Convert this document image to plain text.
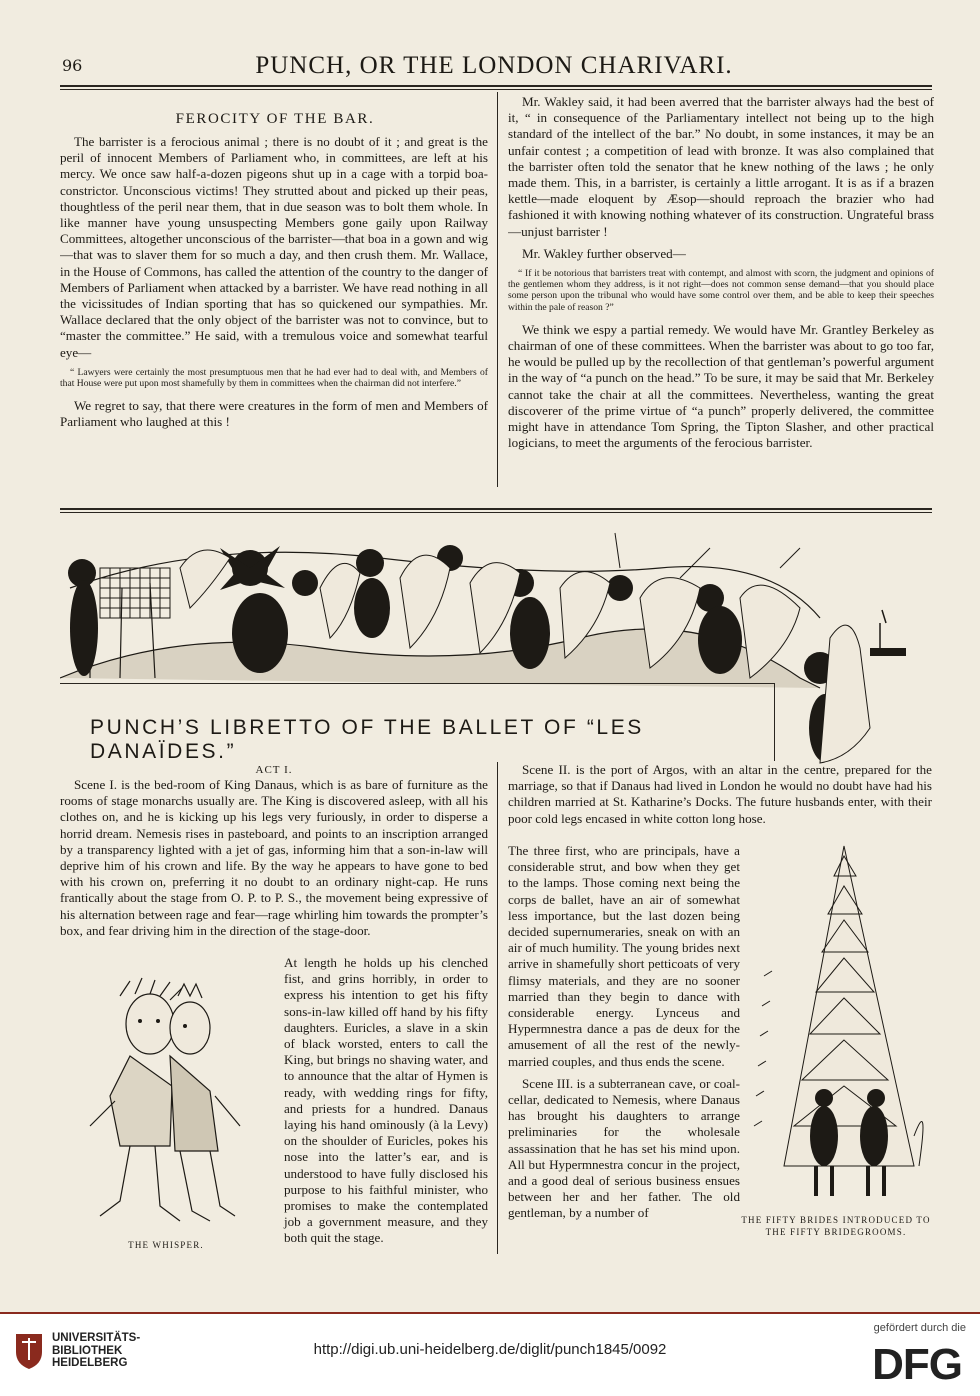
96	PUNCH, OR THE LONDON CHARIVARI.
FEROCITY OF THE BAR.

The barrister is a ferocious animal ; there is no doubt of it ; and great is the peril of innocent Members of Parliament who, in committees, are left at his mercy. We once saw half-a-dozen pigeons shut up in a cage with a torpid boa-constrictor. Unconscious victims! They strutted about and picked up their peas, thoughtless of the peril near them, that in due season was to bolt them whole. In like manner have young unsuspecting Members gone gaily upon Railway Committees, altogether unconscious of the barrister—that boa in a gown and wig—that was to slaver them for so much a day, and then crush them. Mr. Wallace, in the House of Commons, has called the attention of the country to the danger of Members of Parliament when attacked by a barrister. We have read nothing in all the vicissitudes of Indian sporting that has so quickened our sympathies. Mr. Wallace declared that the only object of the barrister was not to convince, but to “master the committee.” He said, with a tremulous voice and somewhat tearful eye—

“ Lawyers were certainly the most presumptuous men that he had ever had to deal with, and Members of that House were put upon most shamefully by them in committees when the chairman did not interfere.”

We regret to say, that there were creatures in the form of men and Members of Parliament who laughed at this !

Mr. Wakley said, it had been averred that the barrister always had the best of it, “ in consequence of the Parliamentary intellect not being up to the high standard of the intellect of the bar.” No doubt, in some instances, it may be an unfair contest ; a competition of lead with bronze. It was also complained that the barrister often told the senator that he knew nothing of the laws ; he only made them. This, in a barrister, is certainly a little arrogant. It is as if a brazen kettle—made eloquent by Æsop—should reproach the brazier who had fashioned it with knowing nothing whatever of its construction. Ungrateful brass—unjust barrister !

Mr. Wakley further observed—

“ If it be notorious that barristers treat with contempt, and almost with scorn, the judgment and opinions of the gentlemen whom they address, is it not right—does not common sense demand—that you should place some person upon the tribunal who would have some control over them, and be able to keep their speeches within the pale of reason ?”

We think we espy a partial remedy. We would have Mr. Grantley Berkeley as chairman of one of these committees. When the barrister was about to go too far, he would be pulled up by the recollection of that gentleman’s powerful argument in the way of “a punch on the head.” To be sure, it may be said that Mr. Berkeley cannot take the chair at all the committees. Nevertheless, wanting the great discoverer of the prime virtue of “a punch” properly delivered, the committee might have in attendance Tom Spring, the Tipton Slasher, and other practical logicians, to meet the arguments of the ferocious barrister.

PUNCH’S LIBRETTO OF THE BALLET OF “LES DANAÏDES.”
ACT I.

Scene I. is the bed-room of King Danaus, which is as bare of furniture as the rooms of stage monarchs usually are. The King is discovered asleep, with all his clothes on, and he is kicking up his legs very furiously, in order to disperse a horrid dream. Nemesis rises in pasteboard, and points to an inscription arranged by a transparency lighted with a jet of gas, informing him that a son-in-law will deprive him of his crown and life. By the way he appears to have gone to bed with his crown on, preferring it no doubt to an ordinary night-cap. He runs frantically about the stage from O. P. to P. S., the movement being expressive of his alternation between rage and fear—rage whirling him towards the prompter’s box, and fear driving him in the direction of the stage-door.

At length he holds up his clenched fist, and grins horribly, in order to express his intention to get his fifty sons-in-law killed off hand by his fifty daughters. Euricles, a slave in a skin of black worsted, enters to call the King, but brings no shaving water, and to announce that the altar of Hymen is ready, with wedding rings for fifty, and priests for a hundred. Danaus laying his hand ominously (à la Levy) on the shoulder of Euricles, pokes his nose into the latter’s ear, and is understood to have fully disclosed his purpose to his faithful minister, who promises to make the contemplated job a government measure, and they both quit the stage.

THE WHISPER.

Scene II. is the port of Argos, with an altar in the centre, prepared for the marriage, so that if Danaus had lived in London he would no doubt have had his children married at St. Katharine’s Docks. The future husbands enter, with their poor cold legs encased in white cotton long hose.

The three first, who are principals, have a considerable strut, and bow when they get to the lamps. Those coming next being the corps de ballet, have an air of somewhat less importance, but the last dozen being decided supernumeraries, sneak on with an air of much humility. The young brides next arrive in shamefully short petticoats of very flimsy materials, and they are no sooner married than they begin to dance with considerable energy. Lynceus and Hypermnestra dance a pas de deux for the amusement of all the rest of the newly-married couples, and thus ends the scene.

Scene III. is a subterranean cave, or coal-cellar, dedicated to Nemesis, where Danaus has brought his daughters to arrange preliminaries for the wholesale assassination that he has set his mind upon. All but Hypermnestra concur in the project, and a good deal of serious business ensues between her and her father. The old gentleman, by a number of	THE FIFTY BRIDES INTRODUCED TO THE FIFTY BRIDEGROOMS.
UNIVERSITÄTS-
BIBLIOTHEK
HEIDELBERG
http://digi.ub.uni-heidelberg.de/diglit/punch1845/0092
gefördert durch die
DFG
